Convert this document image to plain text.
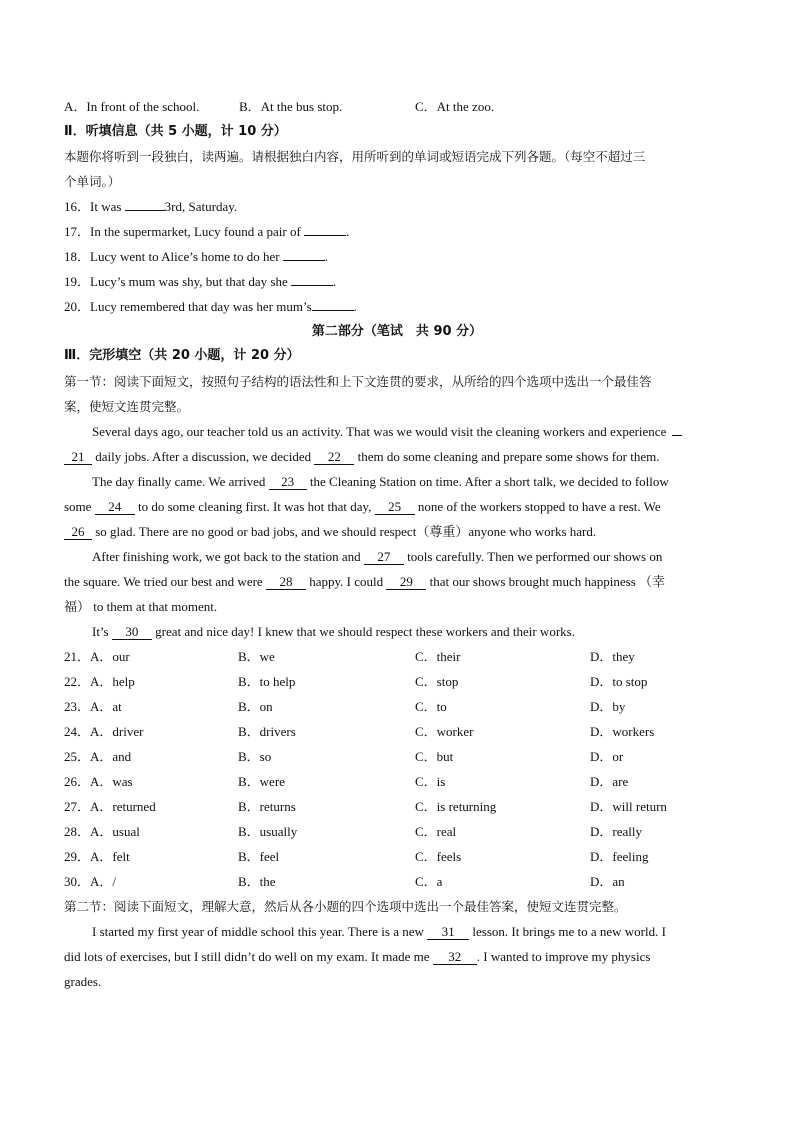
A．In front of the school.	B．At the bus stop.	C．At the zoo.
Ⅱ．听填信息（共 5 小题，计 10 分）
本题你将听到一段独白，读两遍。请根据独白内容，用所听到的单词或短语完成下列各题。（每空不超过三
个单词。）
16．It was	3rd, Saturday.
17．In the supermarket, Lucy found a pair of	.
18．Lucy went to Alice’s home to do her	.
19．Lucy’s mum was shy, but that day she	.
20．Lucy remembered that day was her mum’s	.
第二部分（笔试　共 90 分）
Ⅲ．完形填空（共 20 小题，计 20 分）
第一节：阅读下面短文，按照句子结构的语法性和上下文连贯的要求，从所给的四个选项中选出一个最佳答
案，使短文连贯完整。
Several days ago, our teacher told us an activity. That was we would visit the cleaning workers and experience
21 daily jobs. After a discussion, we decided 22 them do some cleaning and prepare some shows for them.
The day finally came. We arrived 23 the Cleaning Station on time. After a short talk, we decided to follow
some 24 to do some cleaning first. It was hot that day, 25 none of the workers stopped to have a rest. We
26 so glad. There are no good or bad jobs, and we should respect（尊重）anyone who works hard.
After finishing work, we got back to the station and 27 tools carefully. Then we performed our shows on
the square. We tried our best and were 28 happy. I could 29 that our shows brought much happiness （幸
福） to them at that moment.
It’s 30 great and nice day! I knew that we should respect these workers and their works.
21．A．our	B．we	C．their	D．they
22．A．help	B．to help	C．stop	D．to stop
23．A．at	B．on	C．to	D．by
24．A．driver	B．drivers	C．worker	D．workers
25．A．and	B．so	C．but	D．or
26．A．was	B．were	C．is	D．are
27．A．returned	B．returns	C．is returning	D．will return
28．A．usual	B．usually	C．real	D．really
29．A．felt	B．feel	C．feels	D．feeling
30．A．/	B．the	C．a	D．an
第二节：阅读下面短文，理解大意，然后从各小题的四个选项中选出一个最佳答案，使短文连贯完整。
I started my first year of middle school this year. There is a new 31 lesson. It brings me to a new world. I
did lots of exercises, but I still didn’t do well on my exam. It made me 32 . I wanted to improve my physics
grades.
